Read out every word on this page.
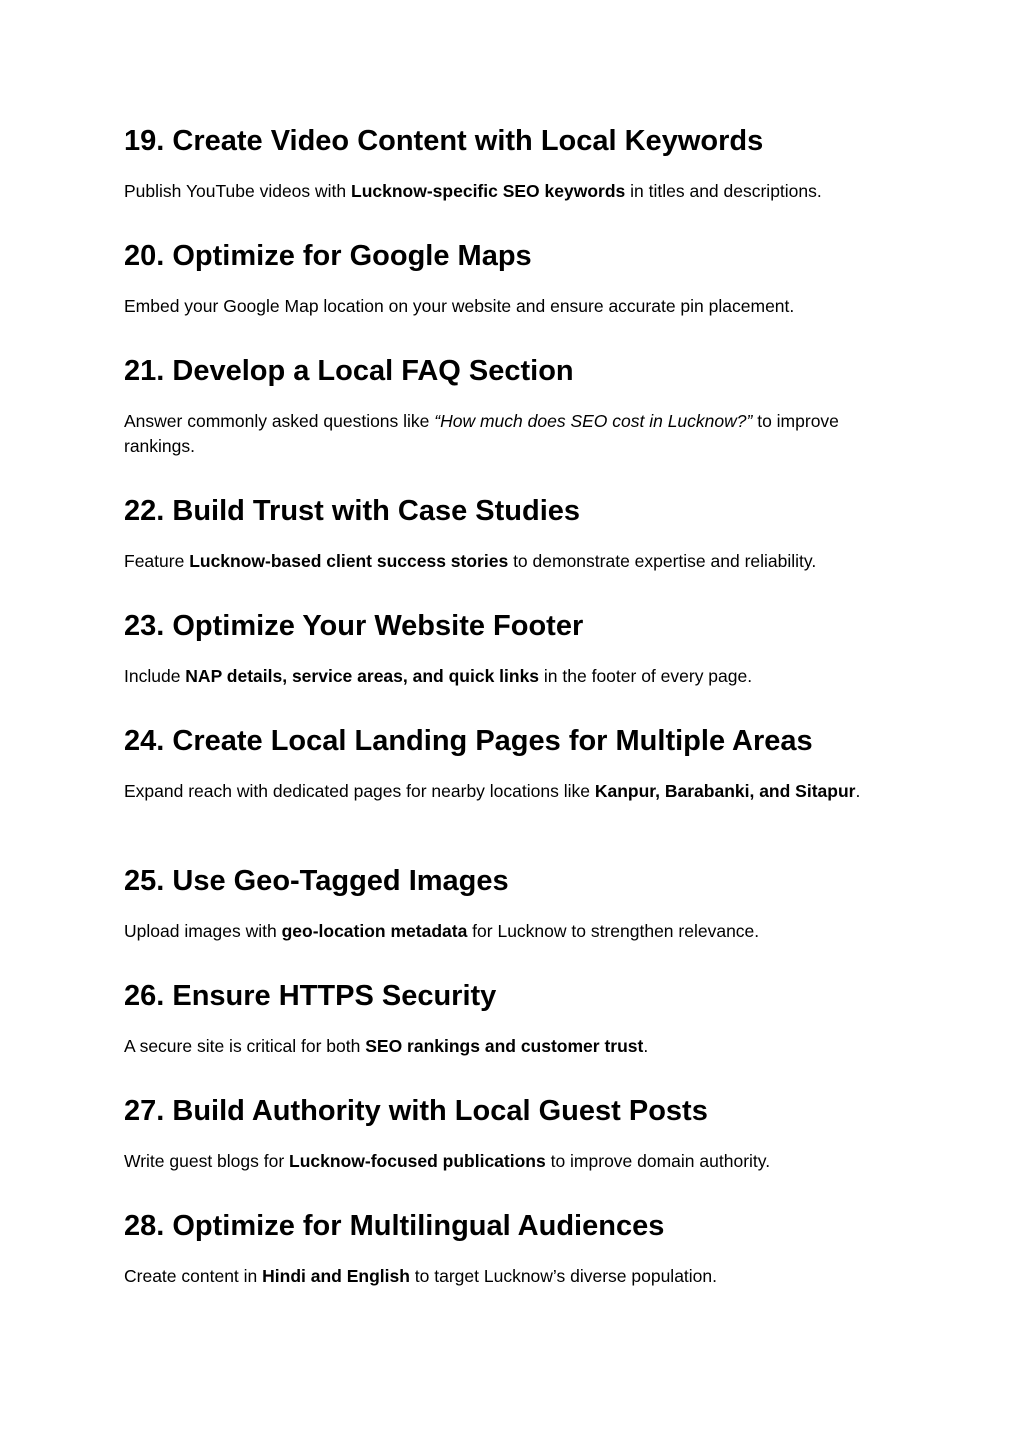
19. Create Video Content with Local Keywords

Publish YouTube videos with Lucknow-specific SEO keywords in titles and descriptions.

20. Optimize for Google Maps

Embed your Google Map location on your website and ensure accurate pin placement.

21. Develop a Local FAQ Section

Answer commonly asked questions like “How much does SEO cost in Lucknow?” to improve rankings.

22. Build Trust with Case Studies

Feature Lucknow-based client success stories to demonstrate expertise and reliability.

23. Optimize Your Website Footer

Include NAP details, service areas, and quick links in the footer of every page.

24. Create Local Landing Pages for Multiple Areas

Expand reach with dedicated pages for nearby locations like Kanpur, Barabanki, and Sitapur.

25. Use Geo-Tagged Images

Upload images with geo-location metadata for Lucknow to strengthen relevance.

26. Ensure HTTPS Security

A secure site is critical for both SEO rankings and customer trust.

27. Build Authority with Local Guest Posts

Write guest blogs for Lucknow-focused publications to improve domain authority.

28. Optimize for Multilingual Audiences

Create content in Hindi and English to target Lucknow’s diverse population.
